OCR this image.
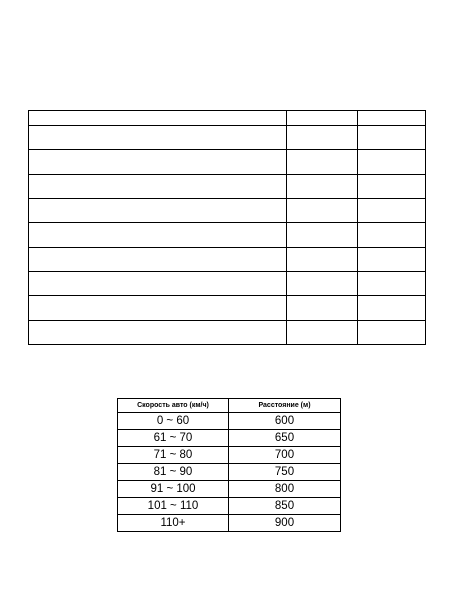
Скорость авто (км/ч)	Расстояние (м)
0 ~ 60	600
61 ~ 70	650
71 ~ 80	700
81 ~ 90	750
91 ~ 100	800
101 ~ 110	850
110+	900
